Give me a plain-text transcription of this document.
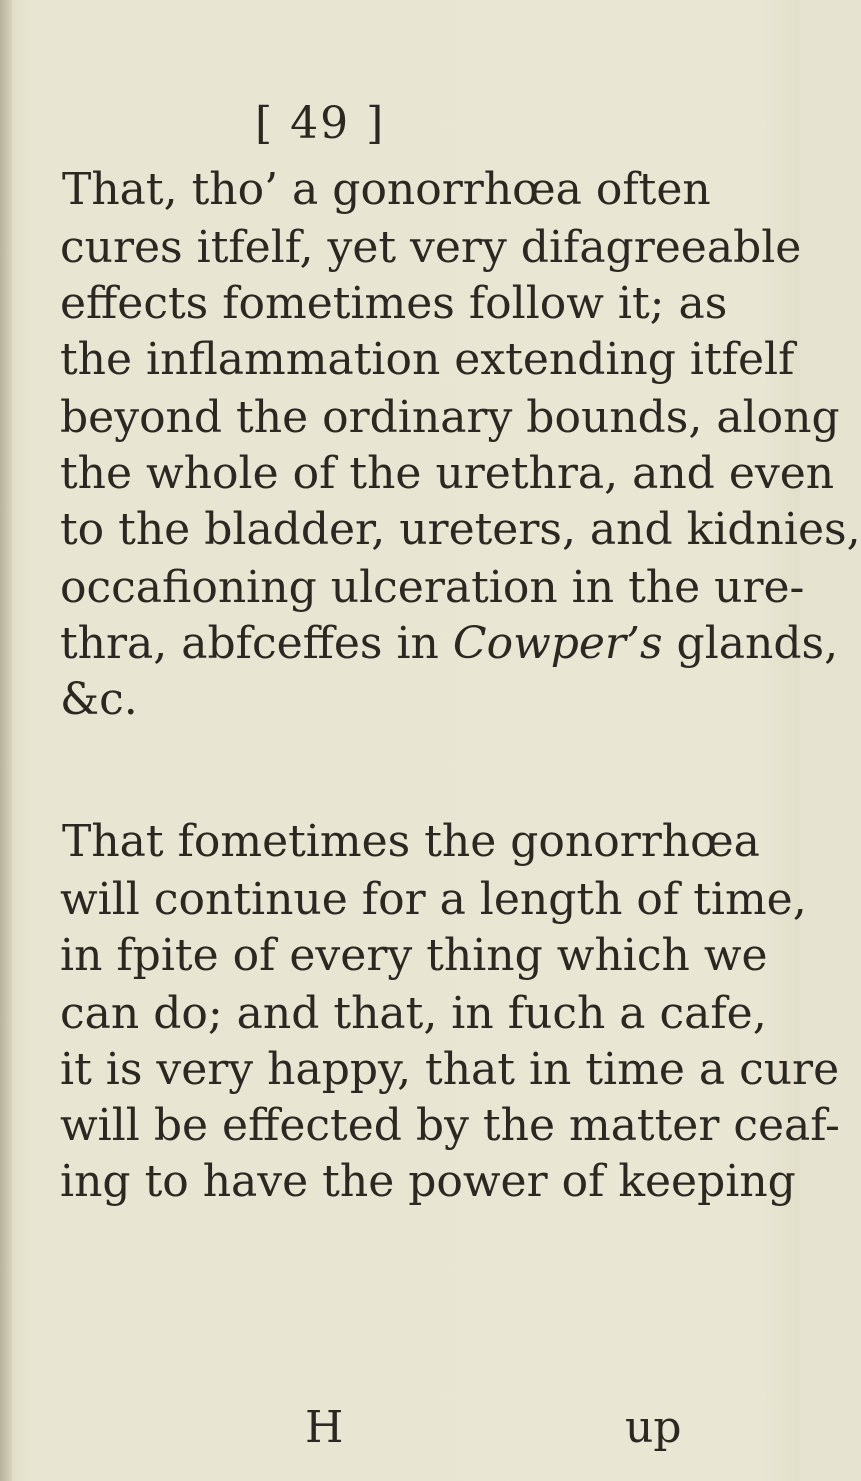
[ 49 ]
That, tho’ a gonorrhœa often
cures itfelf, yet very difagreeable
effects fometimes follow it; as
the inflammation extending itfelf
beyond the ordinary bounds, along
the whole of the urethra, and even
to the bladder, ureters, and kidnies,
occafioning ulceration in the ure-
thra, abfceffes in Cowper’s glands,
&c.
That fometimes the gonorrhœa
will continue for a length of time,
in fpite of every thing which we
can do; and that, in fuch a cafe,
it is very happy, that in time a cure
will be effected by the matter ceaf-
ing to have the power of keeping
H	up
